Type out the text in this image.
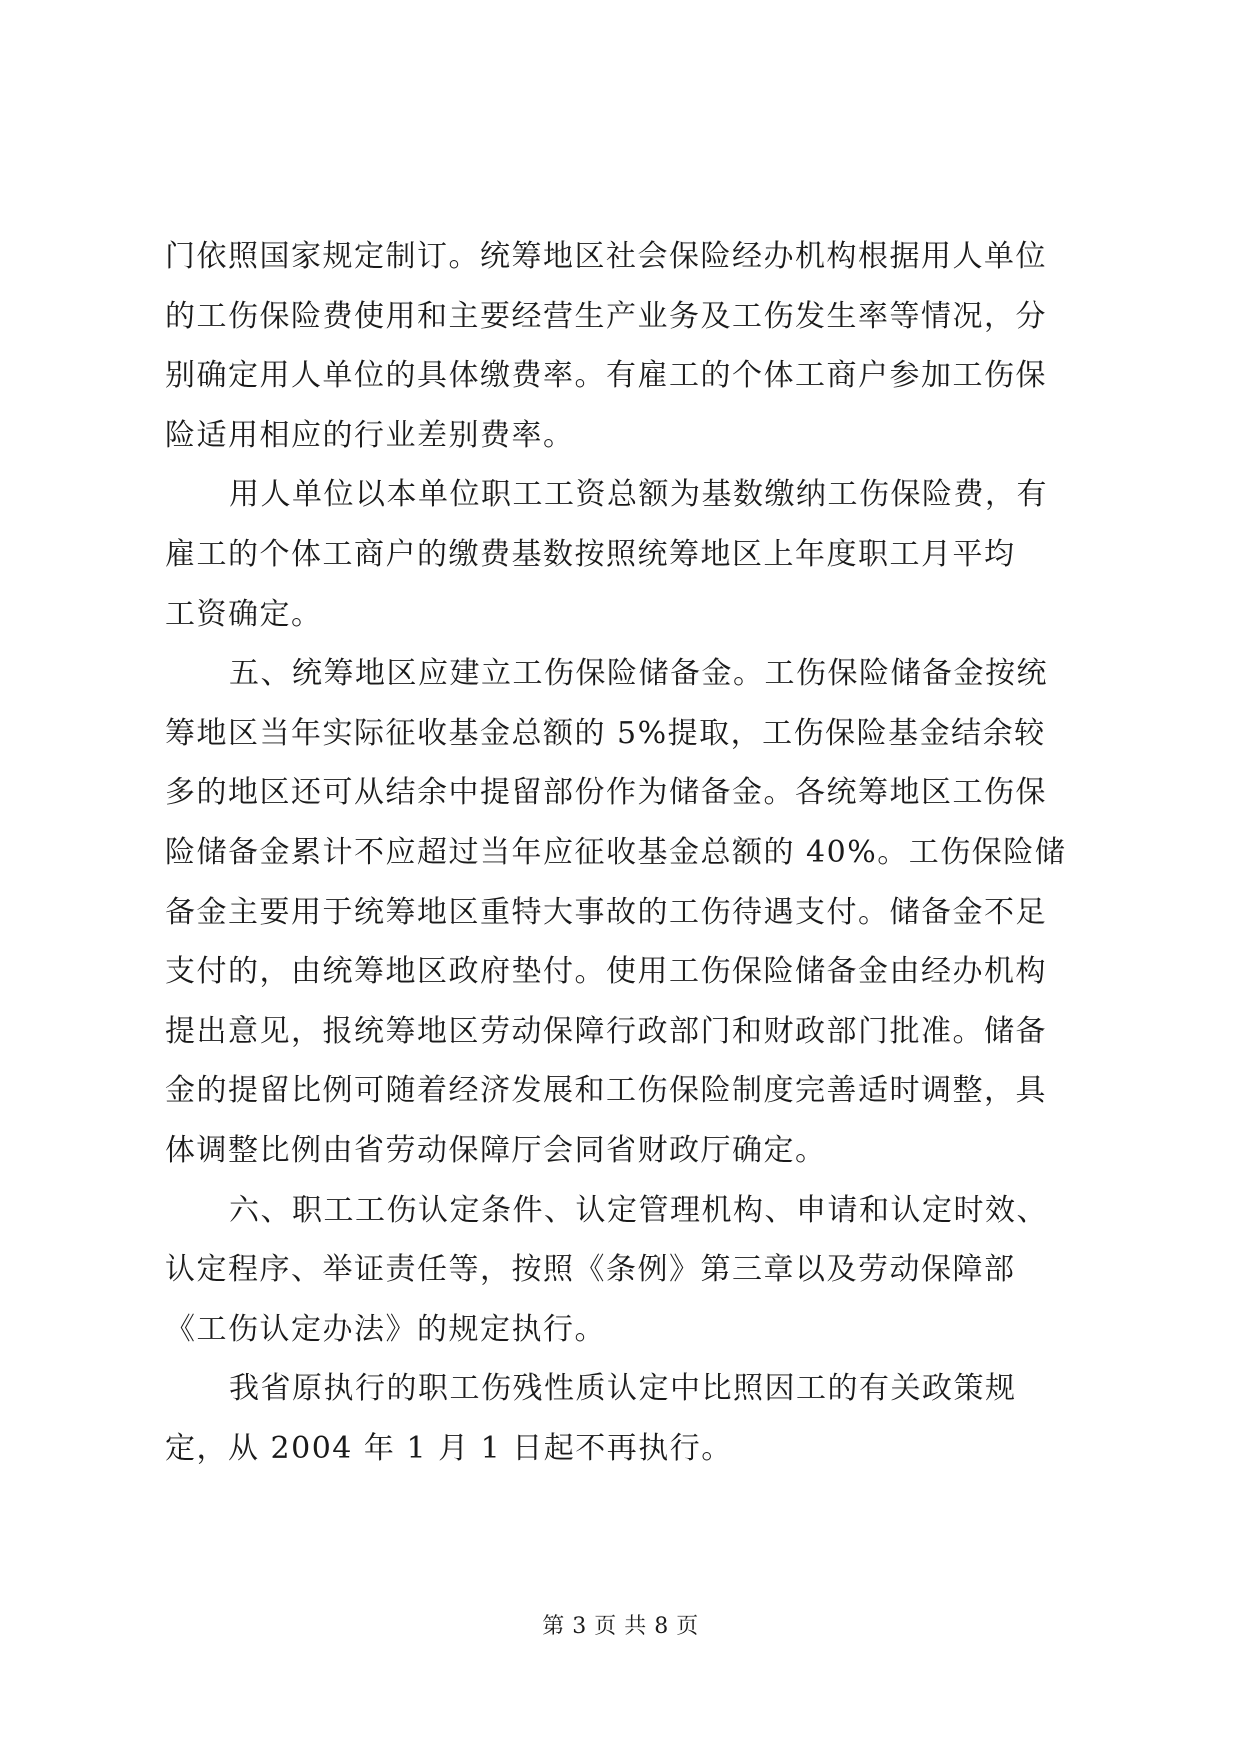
门依照国家规定制订。统筹地区社会保险经办机构根据用人单位
的工伤保险费使用和主要经营生产业务及工伤发生率等情况，分
别确定用人单位的具体缴费率。有雇工的个体工商户参加工伤保
险适用相应的行业差别费率。

用人单位以本单位职工工资总额为基数缴纳工伤保险费，有
雇工的个体工商户的缴费基数按照统筹地区上年度职工月平均
工资确定。

五、统筹地区应建立工伤保险储备金。工伤保险储备金按统
筹地区当年实际征收基金总额的 5%提取，工伤保险基金结余较
多的地区还可从结余中提留部份作为储备金。各统筹地区工伤保
险储备金累计不应超过当年应征收基金总额的 40%。工伤保险储
备金主要用于统筹地区重特大事故的工伤待遇支付。储备金不足
支付的，由统筹地区政府垫付。使用工伤保险储备金由经办机构
提出意见，报统筹地区劳动保障行政部门和财政部门批准。储备
金的提留比例可随着经济发展和工伤保险制度完善适时调整，具
体调整比例由省劳动保障厅会同省财政厅确定。

六、职工工伤认定条件、认定管理机构、申请和认定时效、
认定程序、举证责任等，按照《条例》第三章以及劳动保障部
《工伤认定办法》的规定执行。

我省原执行的职工伤残性质认定中比照因工的有关政策规
定，从 2004 年 1 月 1 日起不再执行。

第 3 页 共 8 页
